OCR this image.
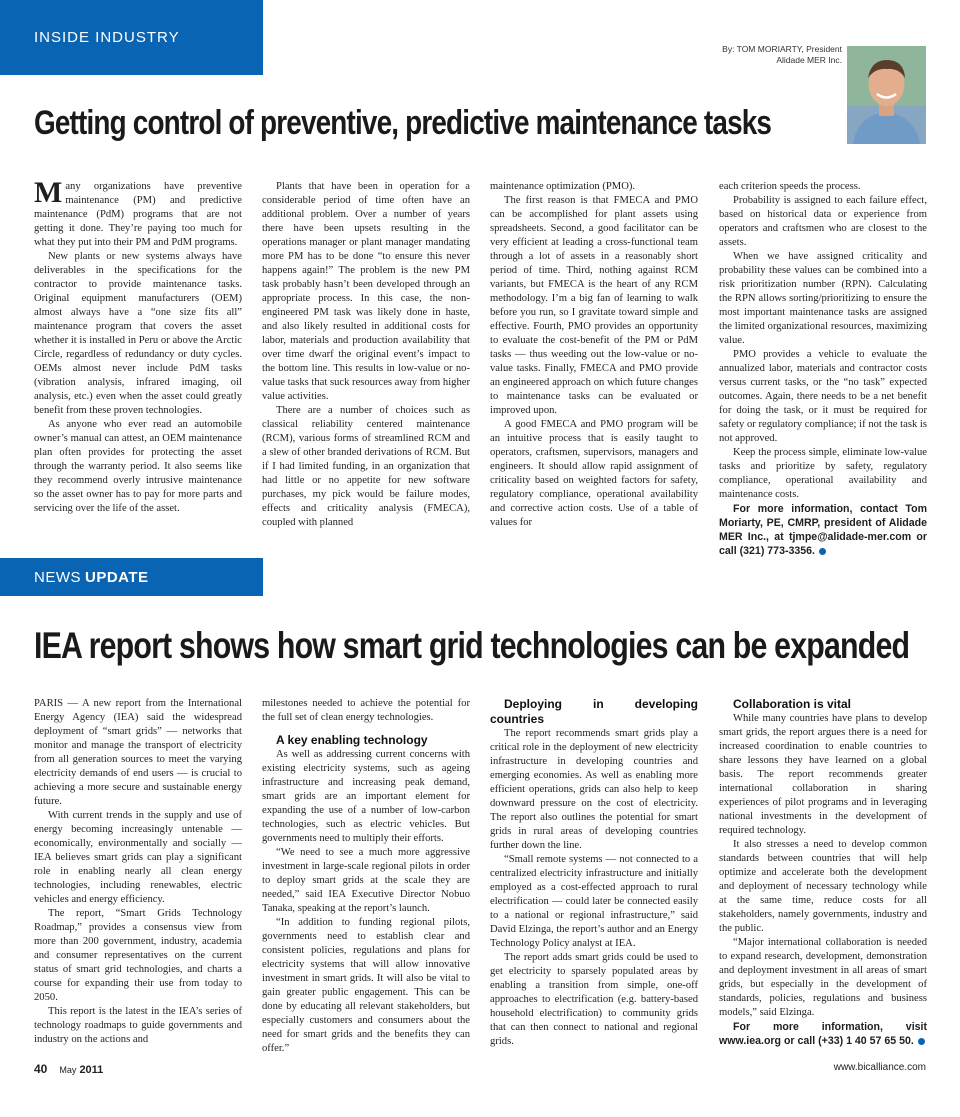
INSIDE INDUSTRY
By: TOM MORIARTY, President
Alidade MER Inc.
Getting control of preventive, predictive maintenance tasks

Many organizations have preventive maintenance (PM) and predictive maintenance (PdM) programs that are not getting it done. They’re paying too much for what they put into their PM and PdM programs.

New plants or new systems always have deliverables in the specifications for the contractor to provide maintenance tasks. Original equipment manufacturers (OEM) almost always have a “one size fits all” maintenance program that covers the asset whether it is installed in Peru or above the Arctic Circle, regardless of redundancy or duty cycles. OEMs almost never include PdM tasks (vibration analysis, infrared imaging, oil analysis, etc.) even when the asset could greatly benefit from these proven technologies.

As anyone who ever read an automobile owner’s manual can attest, an OEM maintenance plan often provides for protecting the asset through the warranty period. It also seems like they recommend overly intrusive maintenance so the asset owner has to pay for more parts and servicing over the life of the asset.

Plants that have been in operation for a considerable period of time often have an additional problem. Over a number of years there have been upsets resulting in the operations manager or plant manager mandating more PM has to be done “to ensure this never happens again!” The problem is the new PM task probably hasn’t been developed through an appropriate process. In this case, the non-engineered PM task was likely done in haste, and also likely resulted in additional costs for labor, materials and production availability that over time dwarf the original event’s impact to the bottom line. This results in low-value or no-value tasks that suck resources away from higher value activities.

There are a number of choices such as classical reliability centered maintenance (RCM), various forms of streamlined RCM and a slew of other branded derivations of RCM. But if I had limited funding, in an organization that had little or no appetite for new software purchases, my pick would be failure modes, effects and criticality analysis (FMECA), coupled with planned

maintenance optimization (PMO).

The first reason is that FMECA and PMO can be accomplished for plant assets using spreadsheets. Second, a good facilitator can be very efficient at leading a cross-functional team through a lot of assets in a reasonably short period of time. Third, nothing against RCM variants, but FMECA is the heart of any RCM methodology. I’m a big fan of learning to walk before you run, so I gravitate toward simple and effective. Fourth, PMO provides an opportunity to evaluate the cost-benefit of the PM or PdM tasks — thus weeding out the low-value or no-value tasks. Finally, FMECA and PMO provide an engineered approach on which future changes to maintenance tasks can be evaluated or improved upon.

A good FMECA and PMO program will be an intuitive process that is easily taught to operators, craftsmen, supervisors, managers and engineers. It should allow rapid assignment of criticality based on weighted factors for safety, regulatory compliance, operational availability and corrective action costs. Use of a table of values for

each criterion speeds the process.

Probability is assigned to each failure effect, based on historical data or experience from operators and craftsmen who are closest to the assets.

When we have assigned criticality and probability these values can be combined into a risk prioritization number (RPN). Calculating the RPN allows sorting/prioritizing to ensure the most important maintenance tasks are assigned the limited organizational resources, maximizing value.

PMO provides a vehicle to evaluate the annualized labor, materials and contractor costs versus current tasks, or the “no task” expected outcomes. Again, there needs to be a net benefit for doing the task, or it must be required for safety or regulatory compliance; if not the task is not approved.

Keep the process simple, eliminate low-value tasks and prioritize by safety, regulatory compliance, operational availability and maintenance costs.

For more information, contact Tom Moriarty, PE, CMRP, president of Alidade MER Inc., at tjmpe@alidade-mer.com or call (321) 773-3356.

NEWS UPDATE
IEA report shows how smart grid technologies can be expanded

PARIS — A new report from the International Energy Agency (IEA) said the widespread deployment of “smart grids” — networks that monitor and manage the transport of electricity from all generation sources to meet the varying electricity demands of end users — is crucial to achieving a more secure and sustainable energy future.

With current trends in the supply and use of energy becoming increasingly untenable — economically, environmentally and socially — IEA believes smart grids can play a significant role in enabling nearly all clean energy technologies, including renewables, electric vehicles and energy efficiency.

The report, “Smart Grids Technology Roadmap,” provides a consensus view from more than 200 government, industry, academia and consumer representatives on the current status of smart grid technologies, and charts a course for expanding their use from today to 2050.

This report is the latest in the IEA’s series of technology roadmaps to guide governments and industry on the actions and

milestones needed to achieve the potential for the full set of clean energy technologies.

A key enabling technology

As well as addressing current concerns with existing electricity systems, such as ageing infrastructure and increasing peak demand, smart grids are an important element for expanding the use of a number of low-carbon technologies, such as electric vehicles. But governments need to multiply their efforts.

“We need to see a much more aggressive investment in large-scale regional pilots in order to deploy smart grids at the scale they are needed,” said IEA Executive Director Nobuo Tanaka, speaking at the report’s launch.

“In addition to funding regional pilots, governments need to establish clear and consistent policies, regulations and plans for electricity systems that will allow innovative investment in smart grids. It will also be vital to gain greater public engagement. This can be done by educating all relevant stakeholders, but especially customers and consumers about the need for smart grids and the benefits they can offer.”

Deploying in developing countries

The report recommends smart grids play a critical role in the deployment of new electricity infrastructure in developing countries and emerging economies. As well as enabling more efficient operations, grids can also help to keep downward pressure on the cost of electricity. The report also outlines the potential for smart grids in rural areas of developing countries further down the line.

“Small remote systems — not connected to a centralized electricity infrastructure and initially employed as a cost-effected approach to rural electrification — could later be connected easily to a national or regional infrastructure,” said David Elzinga, the report’s author and an Energy Technology Policy analyst at IEA.

The report adds smart grids could be used to get electricity to sparsely populated areas by enabling a transition from simple, one-off approaches to electrification (e.g. battery-based household electrification) to community grids that can then connect to national and regional grids.

Collaboration is vital

While many countries have plans to develop smart grids, the report argues there is a need for increased coordination to enable countries to share lessons they have learned on a global basis. The report recommends greater international collaboration in sharing experiences of pilot programs and in leveraging national investments in the development of required technology.

It also stresses a need to develop common standards between countries that will help optimize and accelerate both the development and deployment of necessary technology while at the same time, reduce costs for all stakeholders, namely governments, industry and the public.

“Major international collaboration is needed to expand research, development, demonstration and deployment investment in all areas of smart grids, but especially in the development of standards, policies, regulations and business models,” said Elzinga.

For more information, visit www.iea.org or call (+33) 1 40 57 65 50.

40 May 2011	www.bicalliance.com
